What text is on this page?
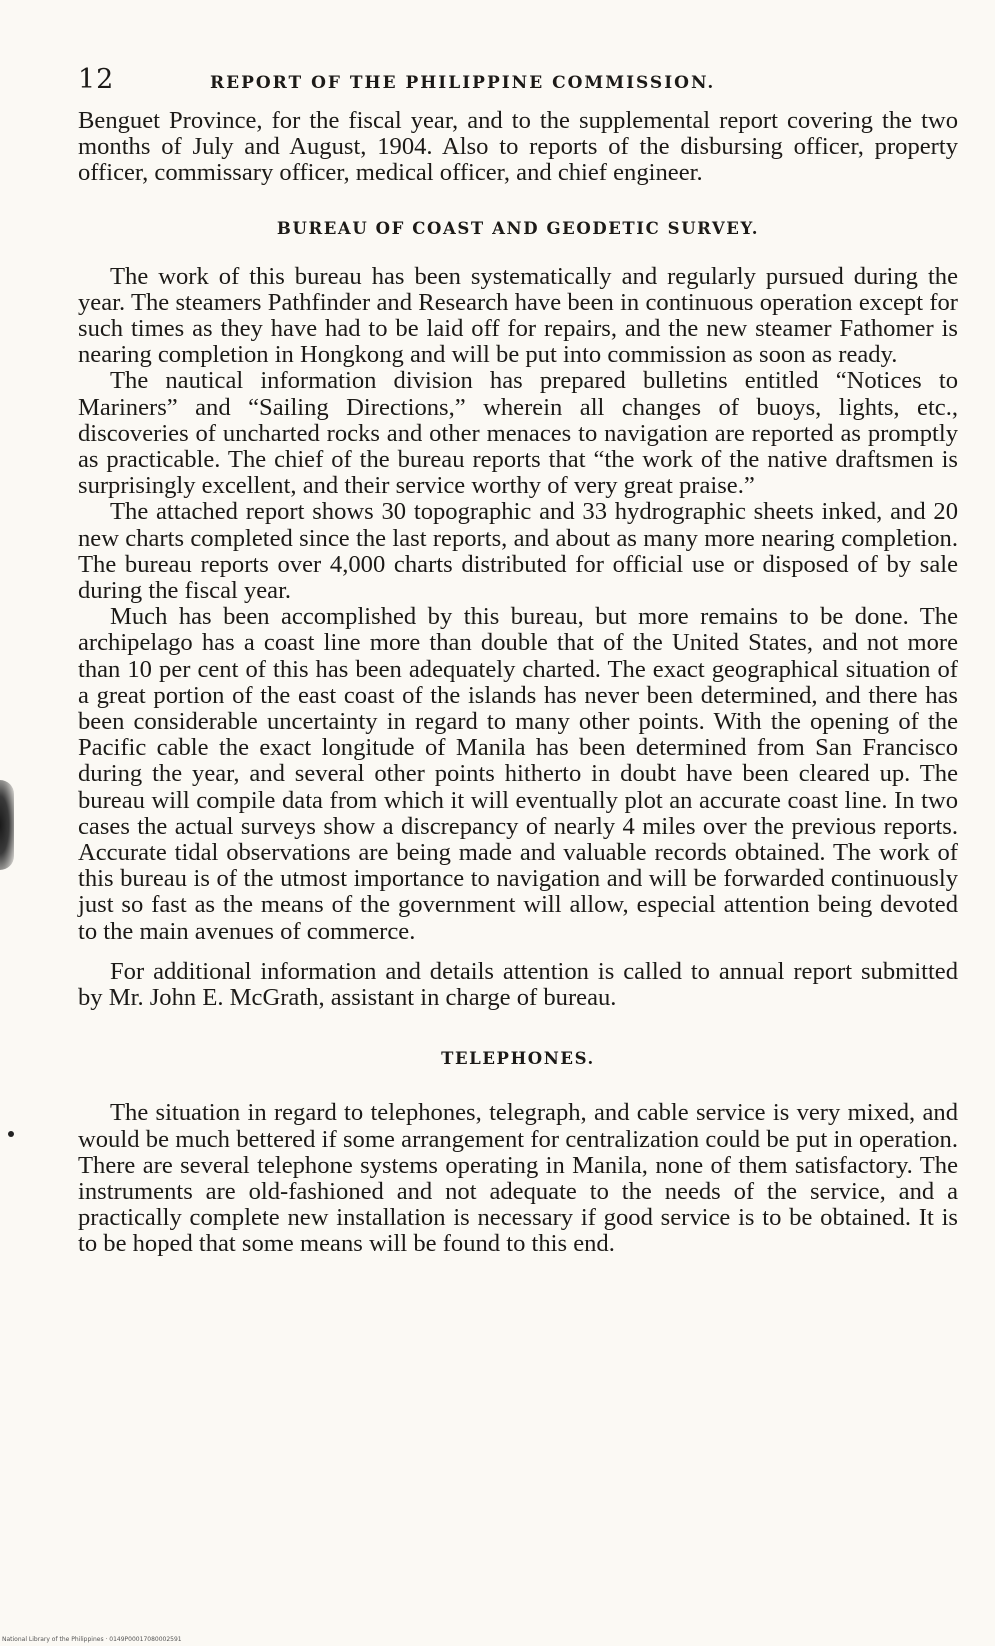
12	REPORT OF THE PHILIPPINE COMMISSION.

Benguet Province, for the fiscal year, and to the supplemental report covering the two months of July and August, 1904. Also to reports of the disbursing officer, property officer, commissary officer, medical officer, and chief engineer.

BUREAU OF COAST AND GEODETIC SURVEY.

The work of this bureau has been systematically and regularly pursued during the year. The steamers Pathfinder and Research have been in continuous operation except for such times as they have had to be laid off for repairs, and the new steamer Fathomer is nearing completion in Hongkong and will be put into commission as soon as ready.

The nautical information division has prepared bulletins entitled “Notices to Mariners” and “Sailing Directions,” wherein all changes of buoys, lights, etc., discoveries of uncharted rocks and other menaces to navigation are reported as promptly as practicable. The chief of the bureau reports that “the work of the native draftsmen is surprisingly excellent, and their service worthy of very great praise.”

The attached report shows 30 topographic and 33 hydrographic sheets inked, and 20 new charts completed since the last reports, and about as many more nearing completion. The bureau reports over 4,000 charts distributed for official use or disposed of by sale during the fiscal year.

Much has been accomplished by this bureau, but more remains to be done. The archipelago has a coast line more than double that of the United States, and not more than 10 per cent of this has been adequately charted. The exact geographical situation of a great portion of the east coast of the islands has never been determined, and there has been considerable uncertainty in regard to many other points. With the opening of the Pacific cable the exact longitude of Manila has been determined from San Francisco during the year, and several other points hitherto in doubt have been cleared up. The bureau will compile data from which it will eventually plot an accurate coast line. In two cases the actual surveys show a discrepancy of nearly 4 miles over the previous reports. Accurate tidal observations are being made and valuable records obtained. The work of this bureau is of the utmost importance to navigation and will be forwarded continuously just so fast as the means of the government will allow, especial attention being devoted to the main avenues of commerce.

For additional information and details attention is called to annual report submitted by Mr. John E. McGrath, assistant in charge of bureau.

TELEPHONES.

The situation in regard to telephones, telegraph, and cable service is very mixed, and would be much bettered if some arrangement for centralization could be put in operation. There are several telephone systems operating in Manila, none of them satisfactory. The instruments are old-fashioned and not adequate to the needs of the service, and a practically complete new installation is necessary if good service is to be obtained. It is to be hoped that some means will be found to this end.

National Library of the Philippines · 0149P00017080002591
